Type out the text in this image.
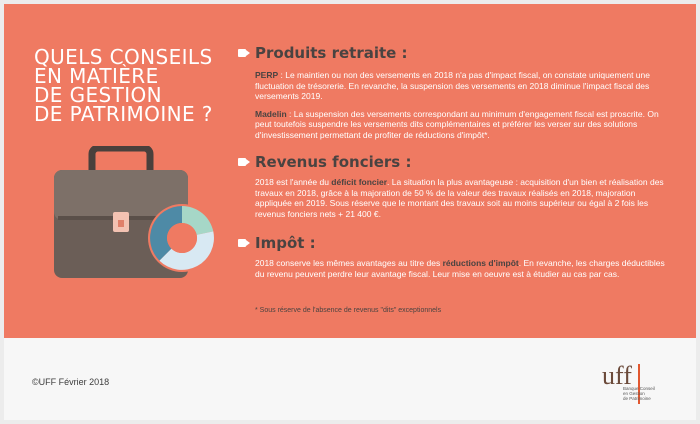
QUELS CONSEILS
EN MATIÈRE
DE GESTION
DE PATRIMOINE ?
Produits retraite :
PERP : Le maintien ou non des versements en 2018 n'a pas d'impact fiscal, on constate uniquement une fluctuation de trésorerie. En revanche, la suspension des versements en 2018 diminue l'impact fiscal des versements 2019.
Madelin : La suspension des versements correspondant au minimum d'engagement fiscal est proscrite. On peut toutefois suspendre les versements dits complémentaires et préférer les verser sur des solutions d'investissement permettant de profiter de réductions d'impôt*.
Revenus fonciers :
2018 est l'année du déficit foncier. La situation la plus avantageuse : acquisition d'un bien et réalisation des travaux en 2018, grâce à la majoration de 50 % de la valeur des travaux réalisés en 2018, majoration appliquée en 2019. Sous réserve que le montant des travaux soit au moins supérieur ou égal à 2 fois les revenus fonciers nets + 21 400 €.
Impôt :
2018 conserve les mêmes avantages au titre des réductions d'impôt. En revanche, les charges déductibles du revenu peuvent perdre leur avantage fiscal. Leur mise en oeuvre est à étudier au cas par cas.
* Sous réserve de l'absence de revenus "dits" exceptionnels
©UFF Février 2018	uff
Banque Conseil
en Gestion
de Patrimoine
